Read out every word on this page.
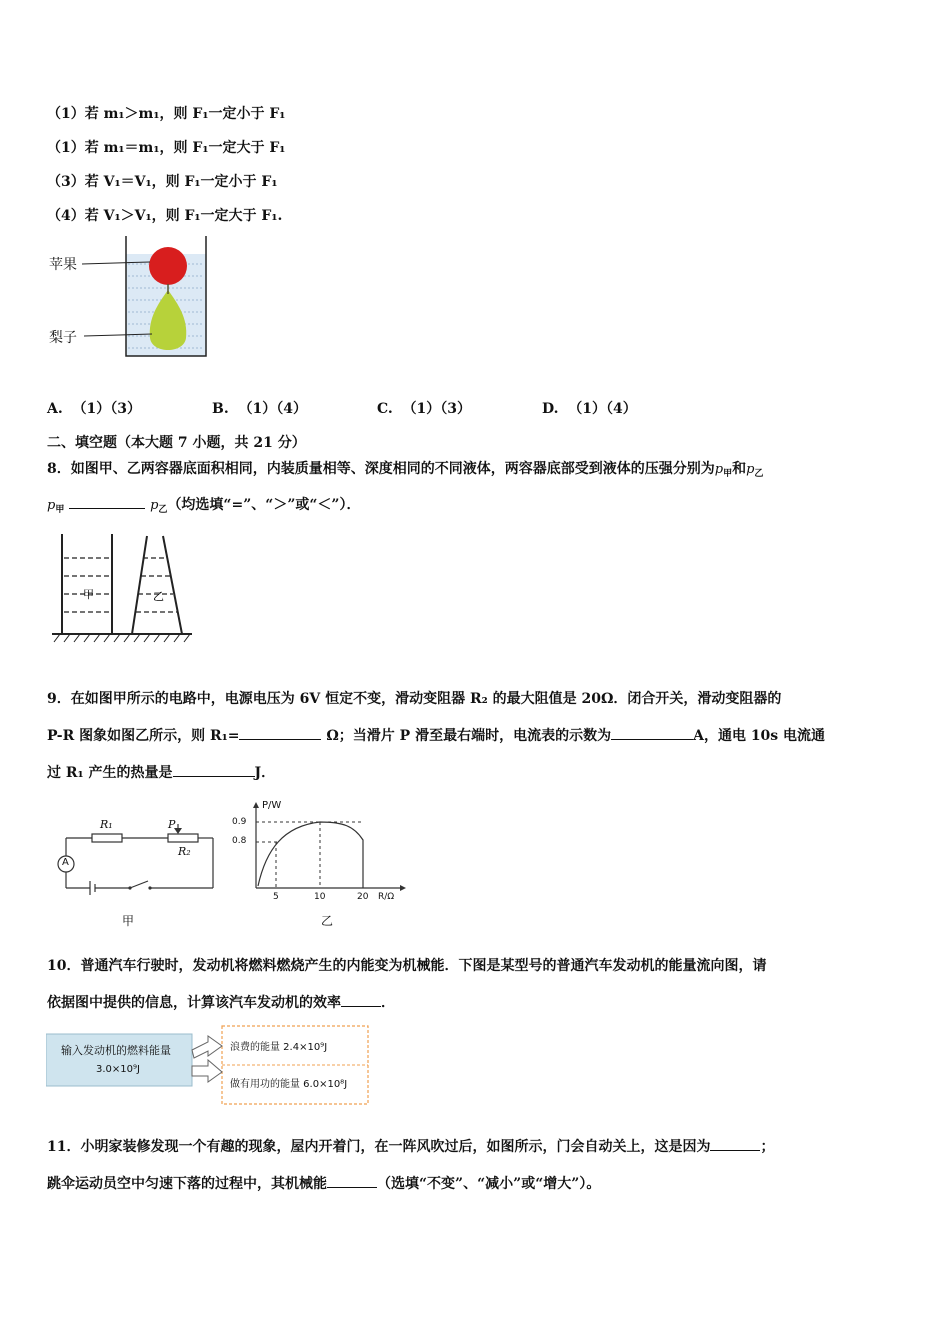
（1）若 m₁＞m₁，则 F₁一定小于 F₁
（1）若 m₁＝m₁，则 F₁一定大于 F₁
（3）若 V₁＝V₁，则 F₁一定小于 F₁
（4）若 V₁＞V₁，则 F₁一定大于 F₁.
苹果
梨子
A. （1）（3）	B. （1）（4）	C. （1）（3）	D. （1）（4）
二、填空题（本大题 7 小题，共 21 分）
8．如图甲、乙两容器底面积相同，内装质量相等、深度相同的不同液体，两容器底部受到液体的压强分别为$p_甲$和$p_乙$
$p_甲$	$p_乙$（均选填“=”、“＞”或“＜”）．
甲	乙
9．在如图甲所示的电路中，电源电压为 6V 恒定不变，滑动变阻器 R₂ 的最大阻值是 20Ω．闭合开关，滑动变阻器的
P-R 图象如图乙所示，则 R₁=	Ω；当滑片 P 滑至最右端时，电流表的示数为	A，通电 10s 电流通
过 R₁ 产生的热量是	J．
R₁	P
R₂
A
甲
P/W
0.9
0.8
5	10	20 R/Ω
乙
10．普通汽车行驶时，发动机将燃料燃烧产生的内能变为机械能．下图是某型号的普通汽车发动机的能量流向图，请
依据图中提供的信息，计算该汽车发动机的效率	．
输入发动机的燃料能量
3.0×10⁹J
浪费的能量 2.4×10⁹J
做有用功的能量 6.0×10⁸J
11．小明家装修发现一个有趣的现象，屋内开着门，在一阵风吹过后，如图所示，门会自动关上，这是因为	；
跳伞运动员空中匀速下落的过程中，其机械能	（选填“不变”、“减小”或“增大”）。
